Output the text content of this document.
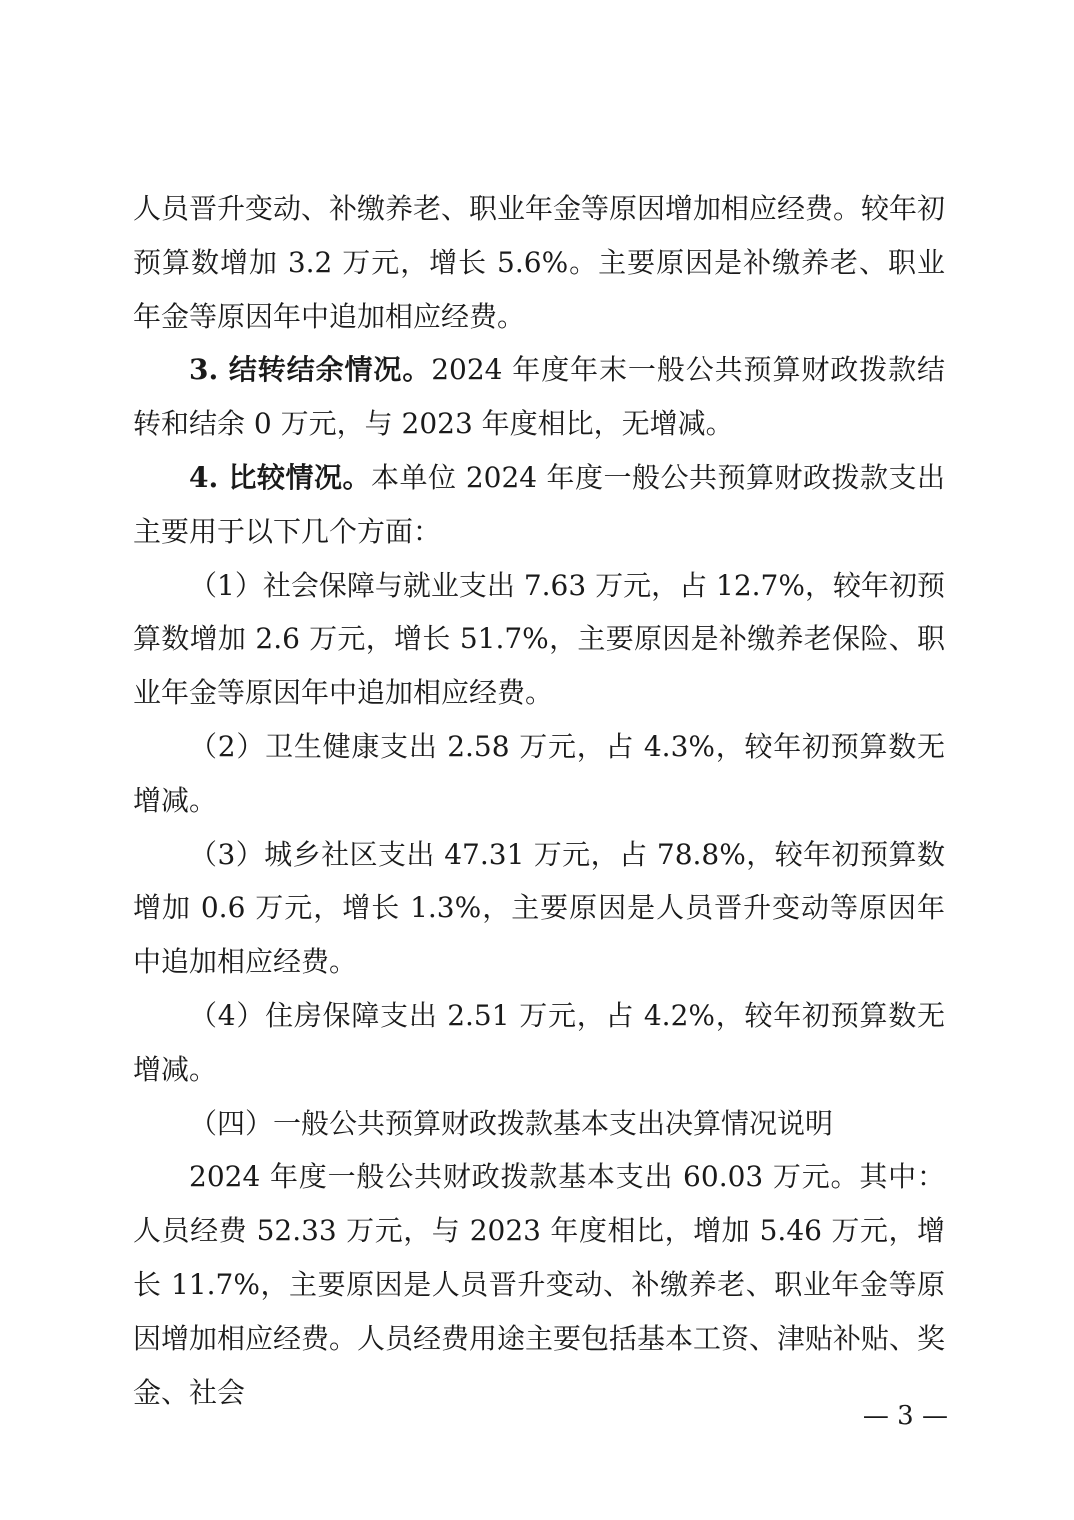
人员晋升变动、补缴养老、职业年金等原因增加相应经费。较年初预算数增加 3.2 万元，增长 5.6%。主要原因是补缴养老、职业年金等原因年中追加相应经费。

3. 结转结余情况。2024 年度年末一般公共预算财政拨款结转和结余 0 万元，与 2023 年度相比，无增减。

4. 比较情况。本单位 2024 年度一般公共预算财政拨款支出主要用于以下几个方面：

（1）社会保障与就业支出 7.63 万元，占 12.7%，较年初预算数增加 2.6 万元，增长 51.7%，主要原因是补缴养老保险、职业年金等原因年中追加相应经费。

（2）卫生健康支出 2.58 万元，占 4.3%，较年初预算数无增减。

（3）城乡社区支出 47.31 万元，占 78.8%，较年初预算数增加 0.6 万元，增长 1.3%，主要原因是人员晋升变动等原因年中追加相应经费。

（4）住房保障支出 2.51 万元，占 4.2%，较年初预算数无增减。

（四）一般公共预算财政拨款基本支出决算情况说明

2024 年度一般公共财政拨款基本支出 60.03 万元。其中：人员经费 52.33 万元，与 2023 年度相比，增加 5.46 万元，增长 11.7%，主要原因是人员晋升变动、补缴养老、职业年金等原因增加相应经费。人员经费用途主要包括基本工资、津贴补贴、奖金、社会

— 3 —
